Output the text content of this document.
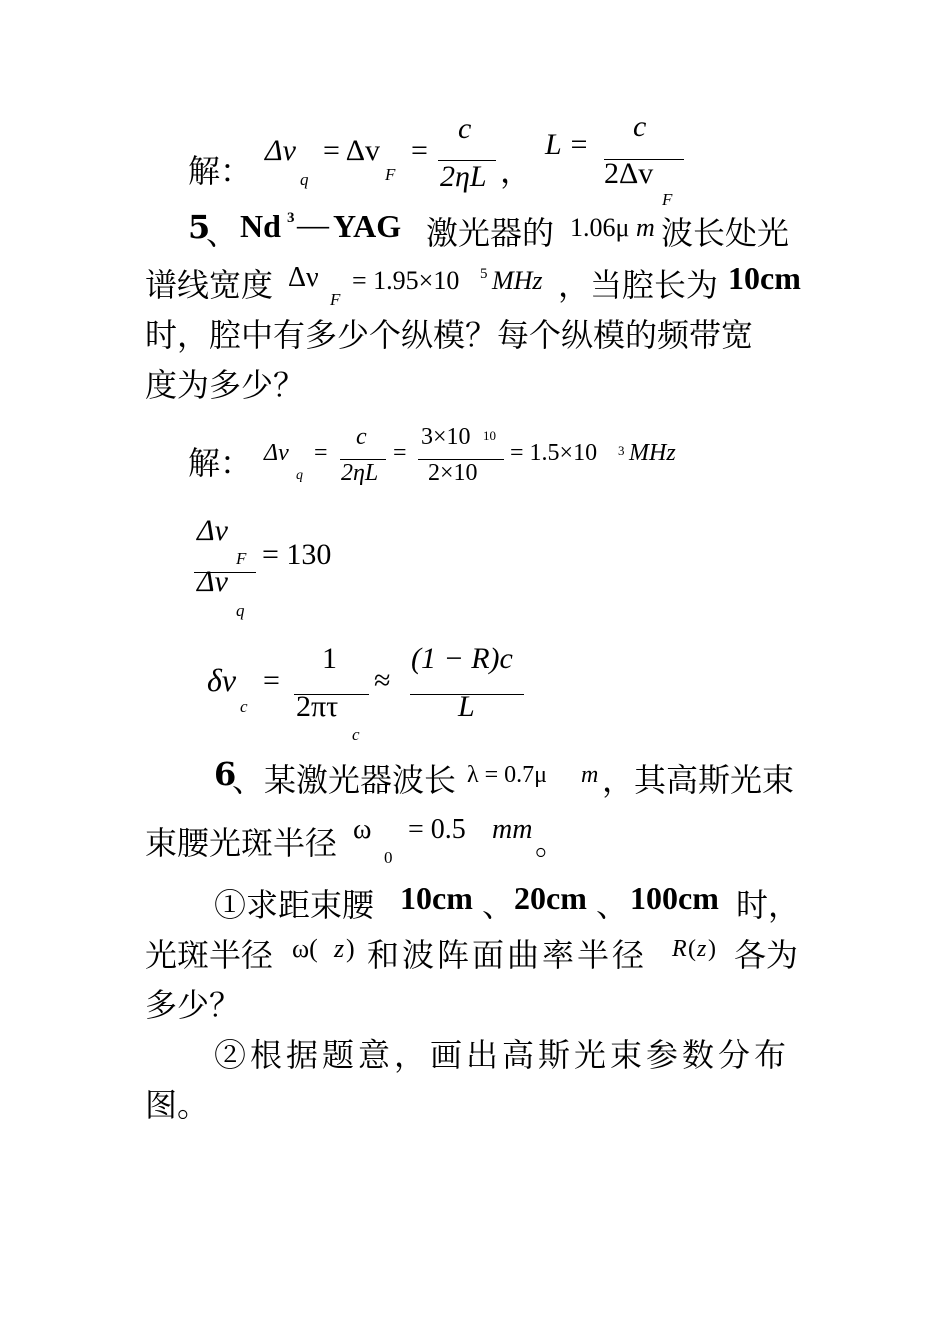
解：
Δv
q
= Δv
F
=
c
2ηL ，
L =
c
2Δv
F
5
、 Nd 3 — YAG 激光器的 1.06μ m 波长处光
谱线宽度 Δν
F
= 1.95×10 5 MHz ，当腔长为 10cm
时，腔中有多少个纵模？每个纵模的频带宽
度为多少？
解： Δv
q
=
c
2ηL
=
3×10 10
2×10
= 1.5×10 3 MHz
Δv
F
Δv
q
= 130
δv
c
=
1
2πτ
c
≈
(1 − R)c
L
6
、某激光器波长 λ = 0.7μ m ，其高斯光束
束腰光斑半径 ω
0
= 0.5 mm 。
①求距束腰 10cm 、 20cm 、 100cm 时，
光斑半径 ω( z ) 和波阵面曲率半径 R ( z ) 各为
多少？
②根据题意，画出高斯光束参数分布
图。
